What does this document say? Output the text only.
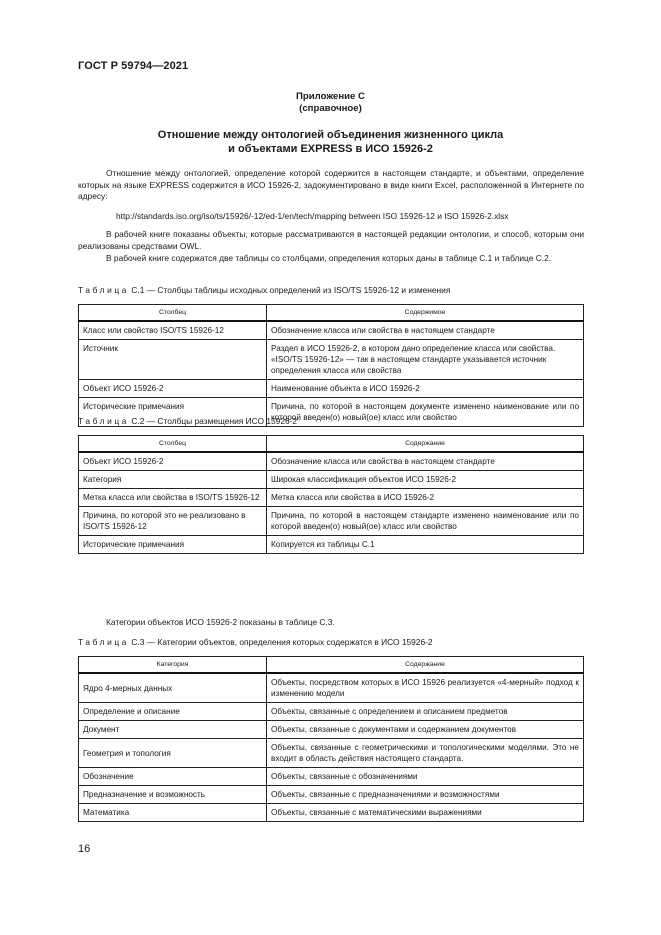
ГОСТ Р 59794—2021
Приложение С
(справочное)
Отношение между онтологией объединения жизненного цикла
и объектами EXPRESS в ИСО 15926-2
Отношение между онтологией, определение которой содержится в настоящем стандарте, и объектами, определение которых на языке EXPRESS содержится в ИСО 15926-2, задокументировано в виде книги Excel, расположенной в Интернете по адресу:
http://standards.iso.org/iso/ts/15926/-12/ed-1/en/tech/mapping between ISO 15926-12 и ISO 15926-2.xlsx
В рабочей книге показаны объекты, которые рассматриваются в настоящей редакции онтологии, и способ, которым они реализованы средствами OWL.
В рабочей книге содержатся две таблицы со столбцами, определения которых даны в таблице С.1 и таблице С.2.
Таблица С.1 — Столбцы таблицы исходных определений из ISO/TS 15926-12 и изменения
Столбец	Содержимое
Класс или свойство ISO/TS 15926-12	Обозначение класса или свойства в настоящем стандарте
Источник	Раздел в ИСО 15926-2, в котором дано определение класса или свойства. «ISO/TS 15926-12» — так в настоящем стандарте указывается источник определения класса или свойства
Объект ИСО 15926-2	Наименование объекта в ИСО 15926-2
Исторические примечания	Причина, по которой в настоящем документе изменено наименование или по которой введен(о) новый(ое) класс или свойство
Таблица С.2 — Столбцы размещения ИСО 15926-2
Столбец	Содержание
Объект ИСО 15926-2	Обозначение класса или свойства в настоящем стандарте
Категория	Широкая классификация объектов ИСО 15926-2
Метка класса или свойства в ISO/TS 15926-12	Метка класса или свойства в ИСО 15926-2
Причина, по которой это не реализовано в ISO/TS 15926-12	Причина, по которой в настоящем стандарте изменено наименование или по которой введен(о) новый(ое) класс или свойство
Исторические примечания	Копируется из таблицы С.1
Категории объектов ИСО 15926-2 показаны в таблице С.3.
Таблица С.3 — Категории объектов, определения которых содержатся в ИСО 15926-2
Категория	Содержание
Ядро 4-мерных данных	Объекты, посредством которых в ИСО 15926 реализуется «4-мерный» подход к изменению модели
Определение и описание	Объекты, связанные с определением и описанием предметов
Документ	Объекты, связанные с документами и содержанием документов
Геометрия и топология	Объекты, связанные с геометрическими и топологическими моделями. Это не входит в область действия настоящего стандарта.
Обозначение	Объекты, связанные с обозначениями
Предназначение и возможность	Объекты, связанные с предназначениями и возможностями
Математика	Объекты, связанные с математическими выражениями
16
